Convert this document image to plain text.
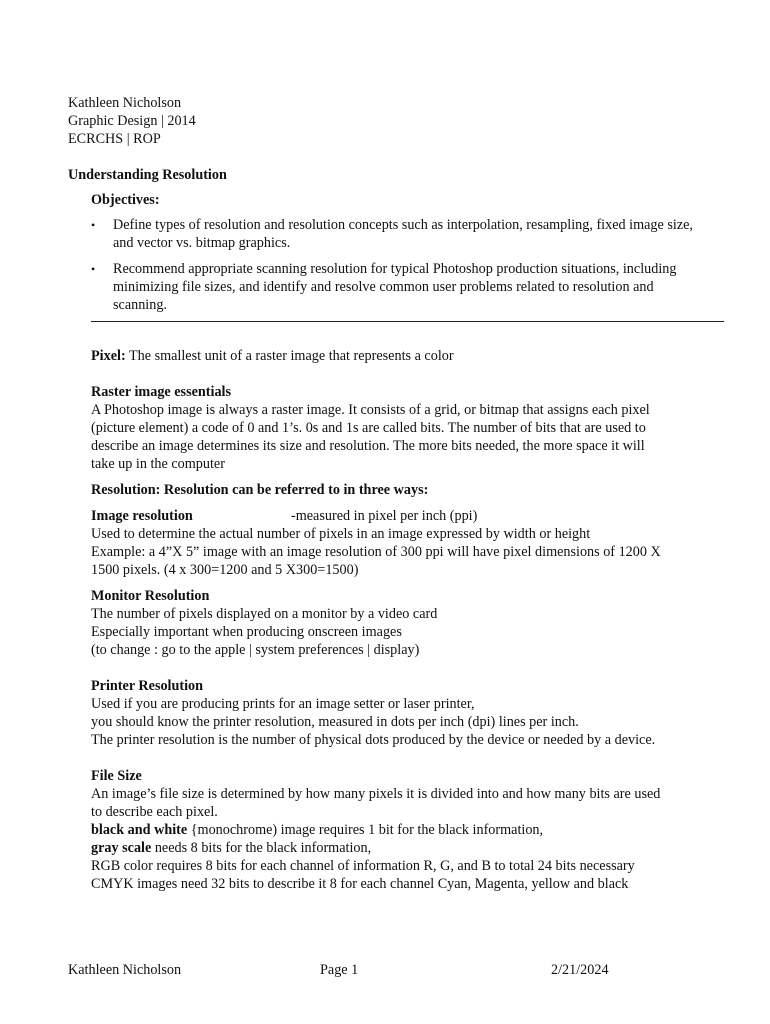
Kathleen Nicholson
Graphic Design | 2014
ECRCHS | ROP
Understanding Resolution
Objectives:
• Define types of resolution and resolution concepts such as interpolation, resampling, fixed image size, and vector vs. bitmap graphics.
• Recommend appropriate scanning resolution for typical Photoshop production situations, including minimizing file sizes, and identify and resolve common user problems related to resolution and scanning.

Pixel: The smallest unit of a raster image that represents a color

Raster image essentials

A Photoshop image is always a raster image. It consists of a grid, or bitmap that assigns each pixel

(picture element) a code of 0 and 1’s. 0s and 1s are called bits. The number of bits that are used to

describe an image determines its size and resolution. The more bits needed, the more space it will

take up in the computer

Resolution: Resolution can be referred to in three ways:

Image resolution	-measured in pixel per inch (ppi)

Used to determine the actual number of pixels in an image expressed by width or height

Example: a 4”X 5” image with an image resolution of 300 ppi will have pixel dimensions of 1200 X

1500 pixels. (4 x 300=1200 and 5 X300=1500)

Monitor Resolution

The number of pixels displayed on a monitor by a video card

Especially important when producing onscreen images

(to change : go to the apple | system preferences | display)

Printer Resolution

Used if you are producing prints for an image setter or laser printer,

you should know the printer resolution, measured in dots per inch (dpi) lines per inch.

The printer resolution is the number of physical dots produced by the device or needed by a device.

File Size

An image’s file size is determined by how many pixels it is divided into and how many bits are used

to describe each pixel.

black and white {monochrome) image requires 1 bit for the black information,

gray scale needs 8 bits for the black information,

RGB color requires 8 bits for each channel of information R, G, and B to total 24 bits necessary

CMYK images need 32 bits to describe it 8 for each channel Cyan, Magenta, yellow and black

Kathleen Nicholson	Page 1	2/21/2024
